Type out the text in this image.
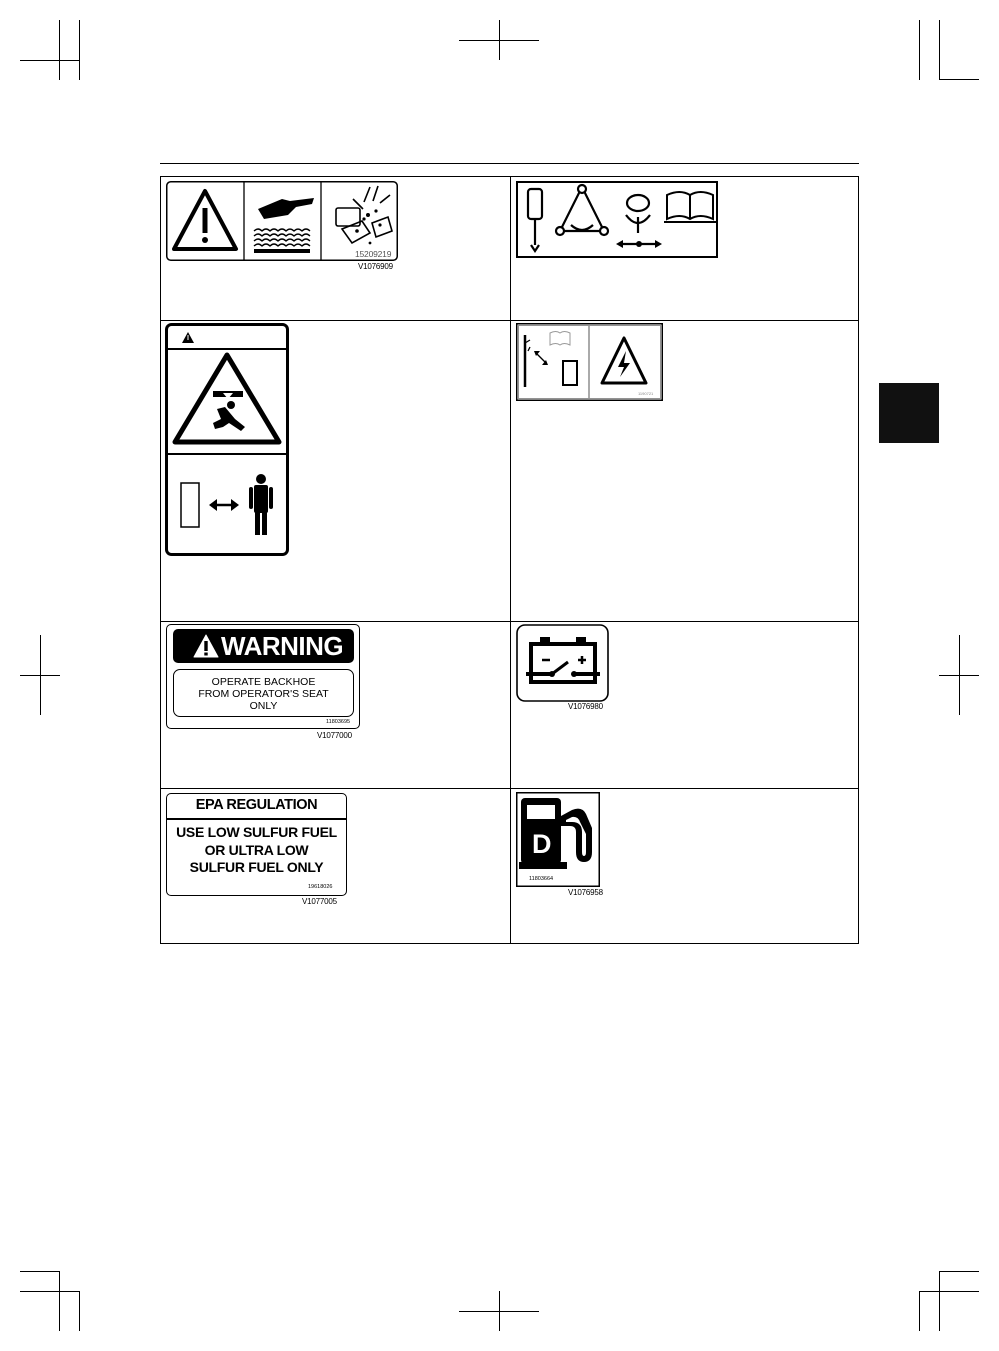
15209219
V1076909
1190721
WARNING
OPERATE BACKHOE
FROM OPERATOR'S SEAT
ONLY
11803695
V1077000
V1076980
EPA REGULATION
USE LOW SULFUR FUEL
OR ULTRA LOW
SULFUR FUEL ONLY
19618026
V1077005
D
11803664
V1076958
